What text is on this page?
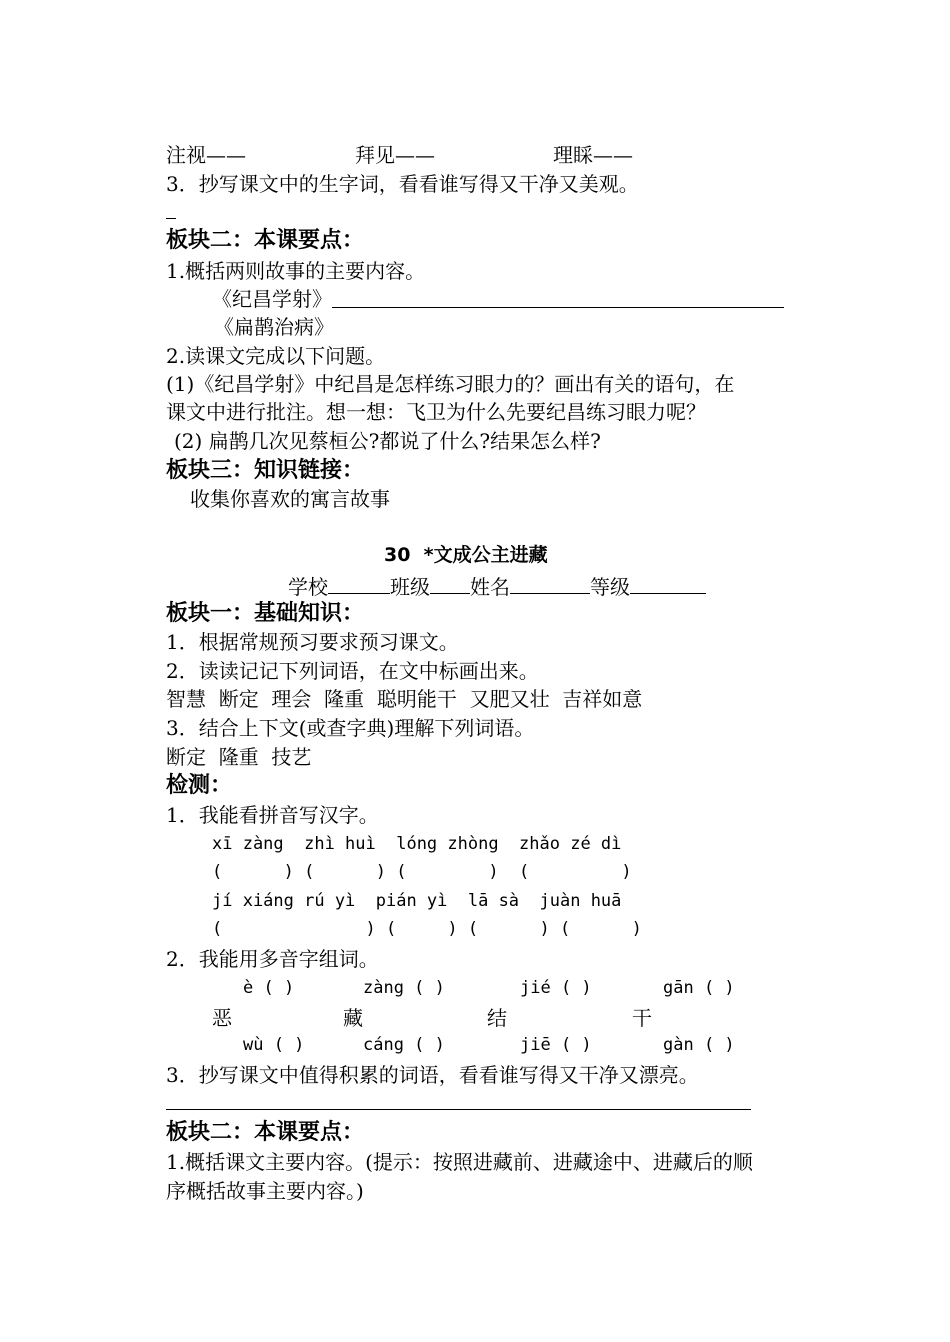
注视——	拜见——	理睬——
3．抄写课文中的生字词，看看谁写得又干净又美观。
板块二：本课要点：
1.概括两则故事的主要内容。
《纪昌学射》
《扁鹊治病》
2.读课文完成以下问题。
(1)《纪昌学射》中纪昌是怎样练习眼力的？画出有关的语句，在
课文中进行批注。想一想：飞卫为什么先要纪昌练习眼力呢？
(2) 扁鹊几次见蔡桓公?都说了什么?结果怎么样?
板块三：知识链接：
收集你喜欢的寓言故事
30  *文成公主进藏
学校	班级 姓名	等级
板块一：基础知识：
1．根据常规预习要求预习课文。
2．读读记记下列词语，在文中标画出来。
智慧  断定  理会  隆重  聪明能干  又肥又壮  吉祥如意
3．结合上下文(或查字典)理解下列词语。
断定  隆重  技艺
检测：
1．我能看拼音写汉字。
xī zàng  zhì huì  lóng zhòng  zhǎo zé dì
(      ) (      ) (        )  (         )
jí xiáng rú yì  pián yì  lā sà  juàn huā
(              ) (     ) (      ) (      )
2．我能用多音字组词。
è ( )	zàng ( )	jié ( )	gān ( )
恶	藏	结	干
wù ( )	cáng ( )	jiē ( )	gàn ( )
3．抄写课文中值得积累的词语，看看谁写得又干净又漂亮。
板块二：本课要点：
1.概括课文主要内容。(提示：按照进藏前、进藏途中、进藏后的顺
序概括故事主要内容。)
